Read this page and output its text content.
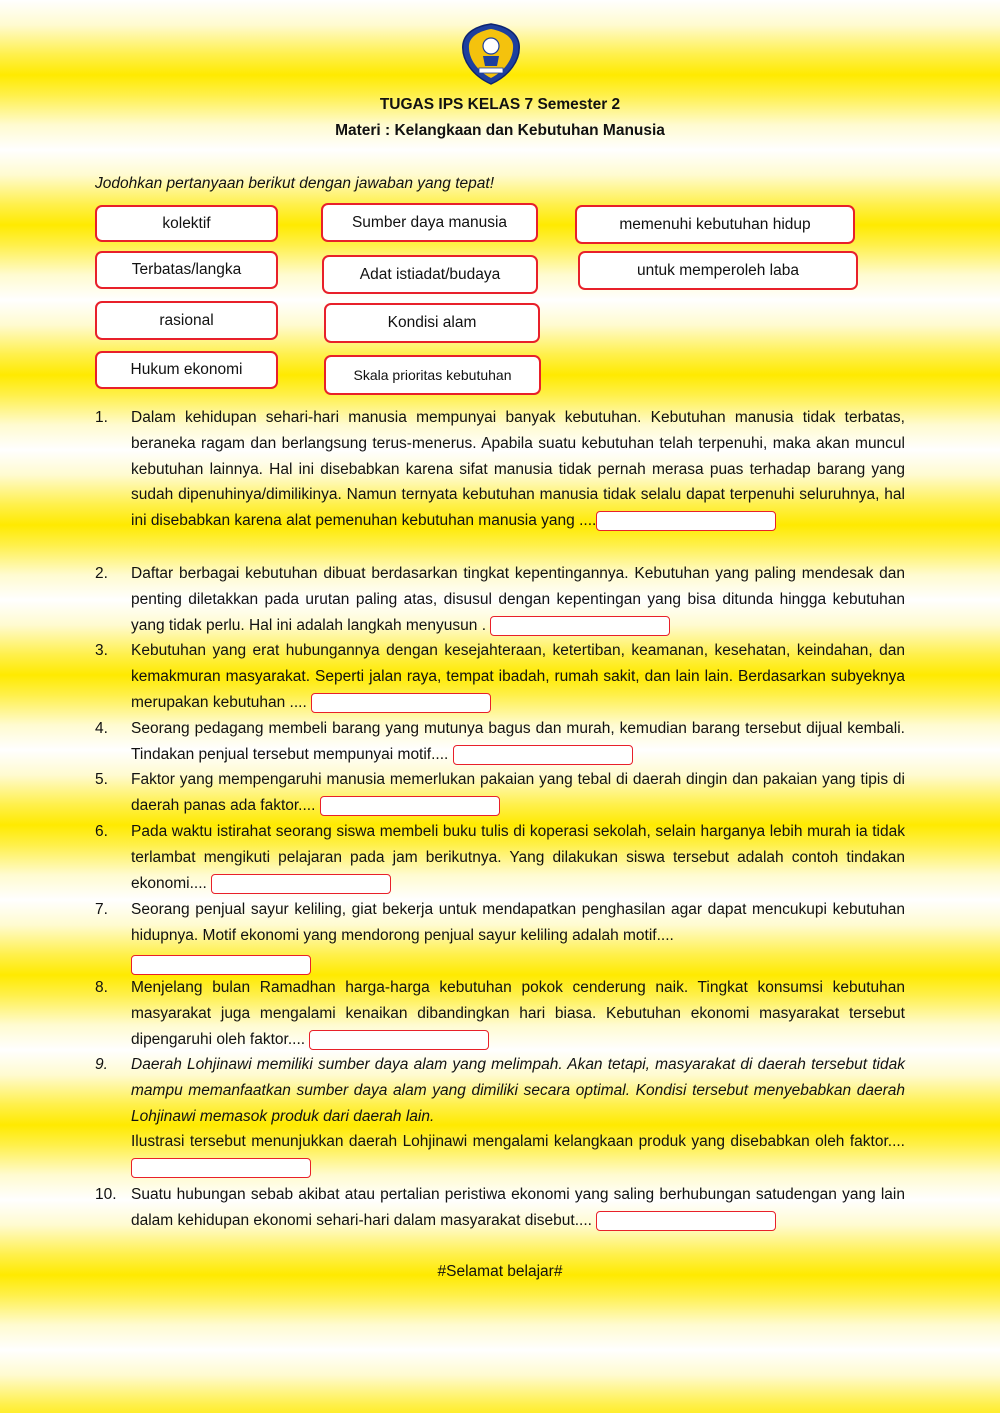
TUGAS IPS KELAS 7 Semester 2
Materi : Kelangkaan dan Kebutuhan Manusia
Jodohkan pertanyaan berikut dengan jawaban yang tepat!
kolektif
Terbatas/langka
rasional
Hukum ekonomi
Sumber daya manusia
Adat istiadat/budaya
Kondisi alam
Skala prioritas kebutuhan
memenuhi kebutuhan hidup
untuk memperoleh laba
1. Dalam kehidupan sehari-hari manusia mempunyai banyak kebutuhan. Kebutuhan manusia tidak terbatas, beraneka ragam dan berlangsung terus-menerus. Apabila suatu kebutuhan telah terpenuhi, maka akan muncul kebutuhan lainnya. Hal ini disebabkan karena sifat manusia tidak pernah merasa puas terhadap barang yang sudah dipenuhinya/dimilikinya. Namun ternyata kebutuhan manusia tidak selalu dapat terpenuhi seluruhnya, hal ini disebabkan karena alat pemenuhan kebutuhan manusia yang ....
2. Daftar berbagai kebutuhan dibuat berdasarkan tingkat kepentingannya. Kebutuhan yang paling mendesak dan penting diletakkan pada urutan paling atas, disusul dengan kepentingan yang bisa ditunda hingga kebutuhan yang tidak perlu. Hal ini adalah langkah menyusun .
3. Kebutuhan yang erat hubungannya dengan kesejahteraan, ketertiban, keamanan, kesehatan, keindahan, dan kemakmuran masyarakat. Seperti jalan raya, tempat ibadah, rumah sakit, dan lain lain. Berdasarkan subyeknya merupakan kebutuhan ....
4. Seorang pedagang membeli barang yang mutunya bagus dan murah, kemudian barang tersebut dijual kembali. Tindakan penjual tersebut mempunyai motif....
5. Faktor yang mempengaruhi manusia memerlukan pakaian yang tebal di daerah dingin dan pakaian yang tipis di daerah panas ada faktor....
6. Pada waktu istirahat seorang siswa membeli buku tulis di koperasi sekolah, selain harganya lebih murah ia tidak terlambat mengikuti pelajaran pada jam berikutnya. Yang dilakukan siswa tersebut adalah contoh tindakan ekonomi....
7. Seorang penjual sayur keliling, giat bekerja untuk mendapatkan penghasilan agar dapat mencukupi kebutuhan hidupnya. Motif ekonomi yang mendorong penjual sayur keliling adalah motif....

8. Menjelang bulan Ramadhan harga-harga kebutuhan pokok cenderung naik. Tingkat konsumsi kebutuhan masyarakat juga mengalami kenaikan dibandingkan hari biasa. Kebutuhan ekonomi masyarakat tersebut dipengaruhi oleh faktor....
9. Daerah Lohjinawi memiliki sumber daya alam yang melimpah. Akan tetapi, masyarakat di daerah tersebut tidak mampu memanfaatkan sumber daya alam yang dimiliki secara optimal. Kondisi tersebut menyebabkan daerah Lohjinawi memasok produk dari daerah lain.
Ilustrasi tersebut menunjukkan daerah Lohjinawi mengalami kelangkaan produk yang disebabkan oleh faktor....
10. Suatu hubungan sebab akibat atau pertalian peristiwa ekonomi yang saling berhubungan satudengan yang lain dalam kehidupan ekonomi sehari-hari dalam masyarakat disebut....
#Selamat belajar#
